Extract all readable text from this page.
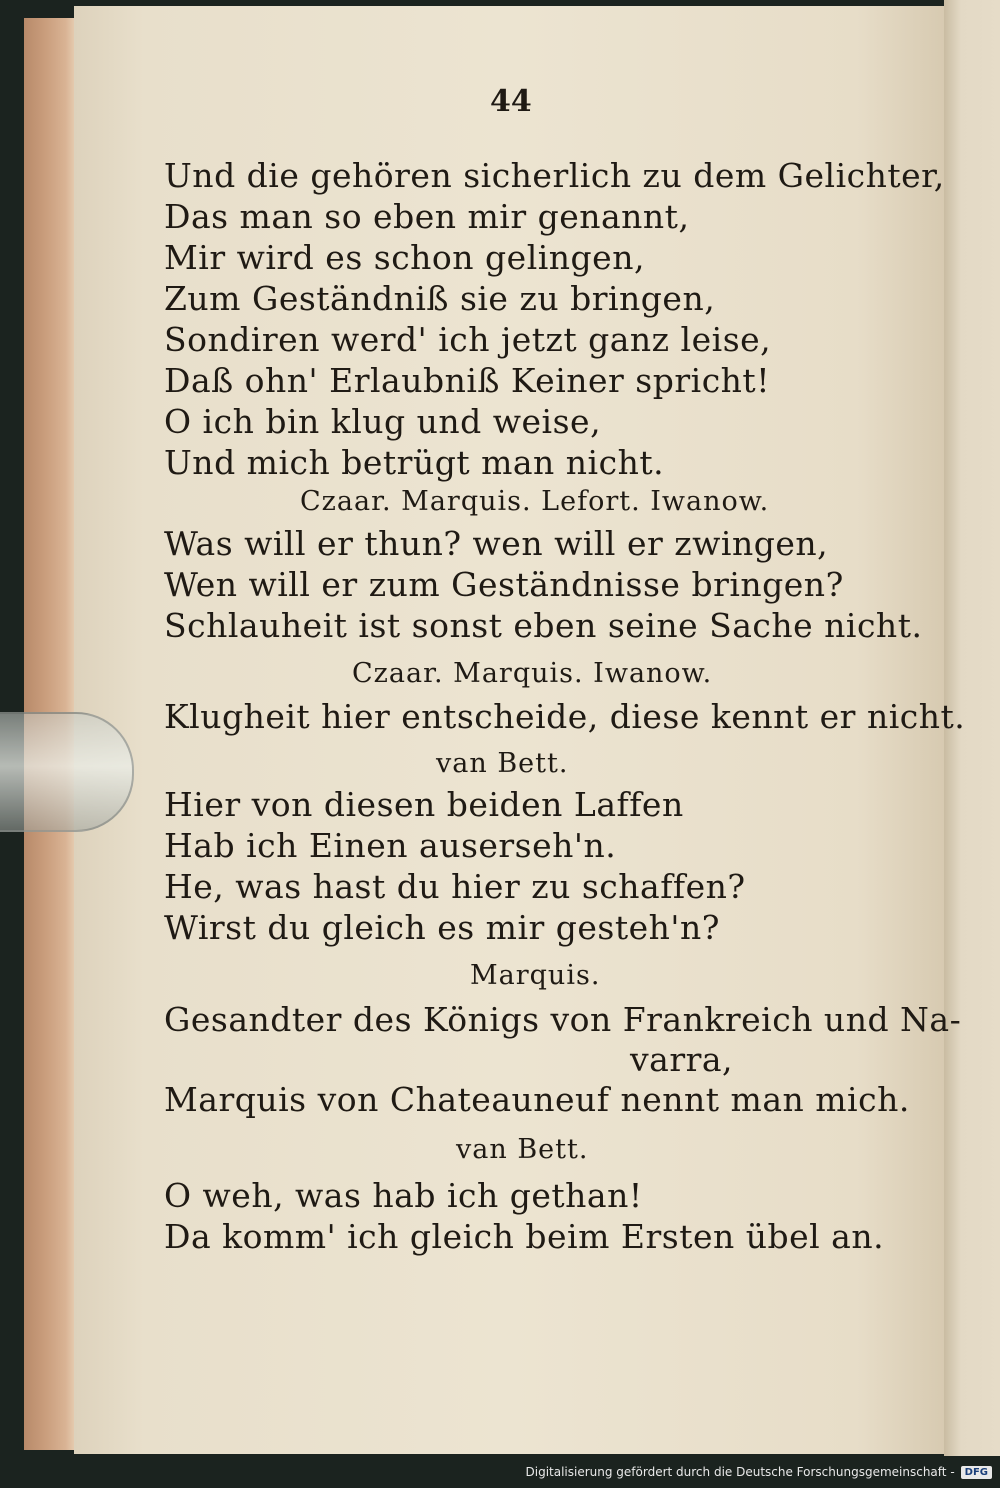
44
Und die gehören sicherlich zu dem Gelichter,
Das man so eben mir genannt,
Mir wird es schon gelingen,
Zum Geständniß sie zu bringen,
Sondiren werd' ich jetzt ganz leise,
Daß ohn' Erlaubniß Keiner spricht!
O ich bin klug und weise,
Und mich betrügt man nicht.
Czaar. Marquis. Lefort. Iwanow.
Was will er thun? wen will er zwingen,
Wen will er zum Geständnisse bringen?
Schlauheit ist sonst eben seine Sache nicht.
Czaar. Marquis. Iwanow.
Klugheit hier entscheide, diese kennt er nicht.
van Bett.
Hier von diesen beiden Laffen
Hab ich Einen auserseh'n.
He, was hast du hier zu schaffen?
Wirst du gleich es mir gesteh'n?
Marquis.
Gesandter des Königs von Frankreich und Na-
varra,
Marquis von Chateauneuf nennt man mich.
van Bett.
O weh, was hab ich gethan!
Da komm' ich gleich beim Ersten übel an.
Digitalisierung gefördert durch die Deutsche Forschungsgemeinschaft -	DFG
